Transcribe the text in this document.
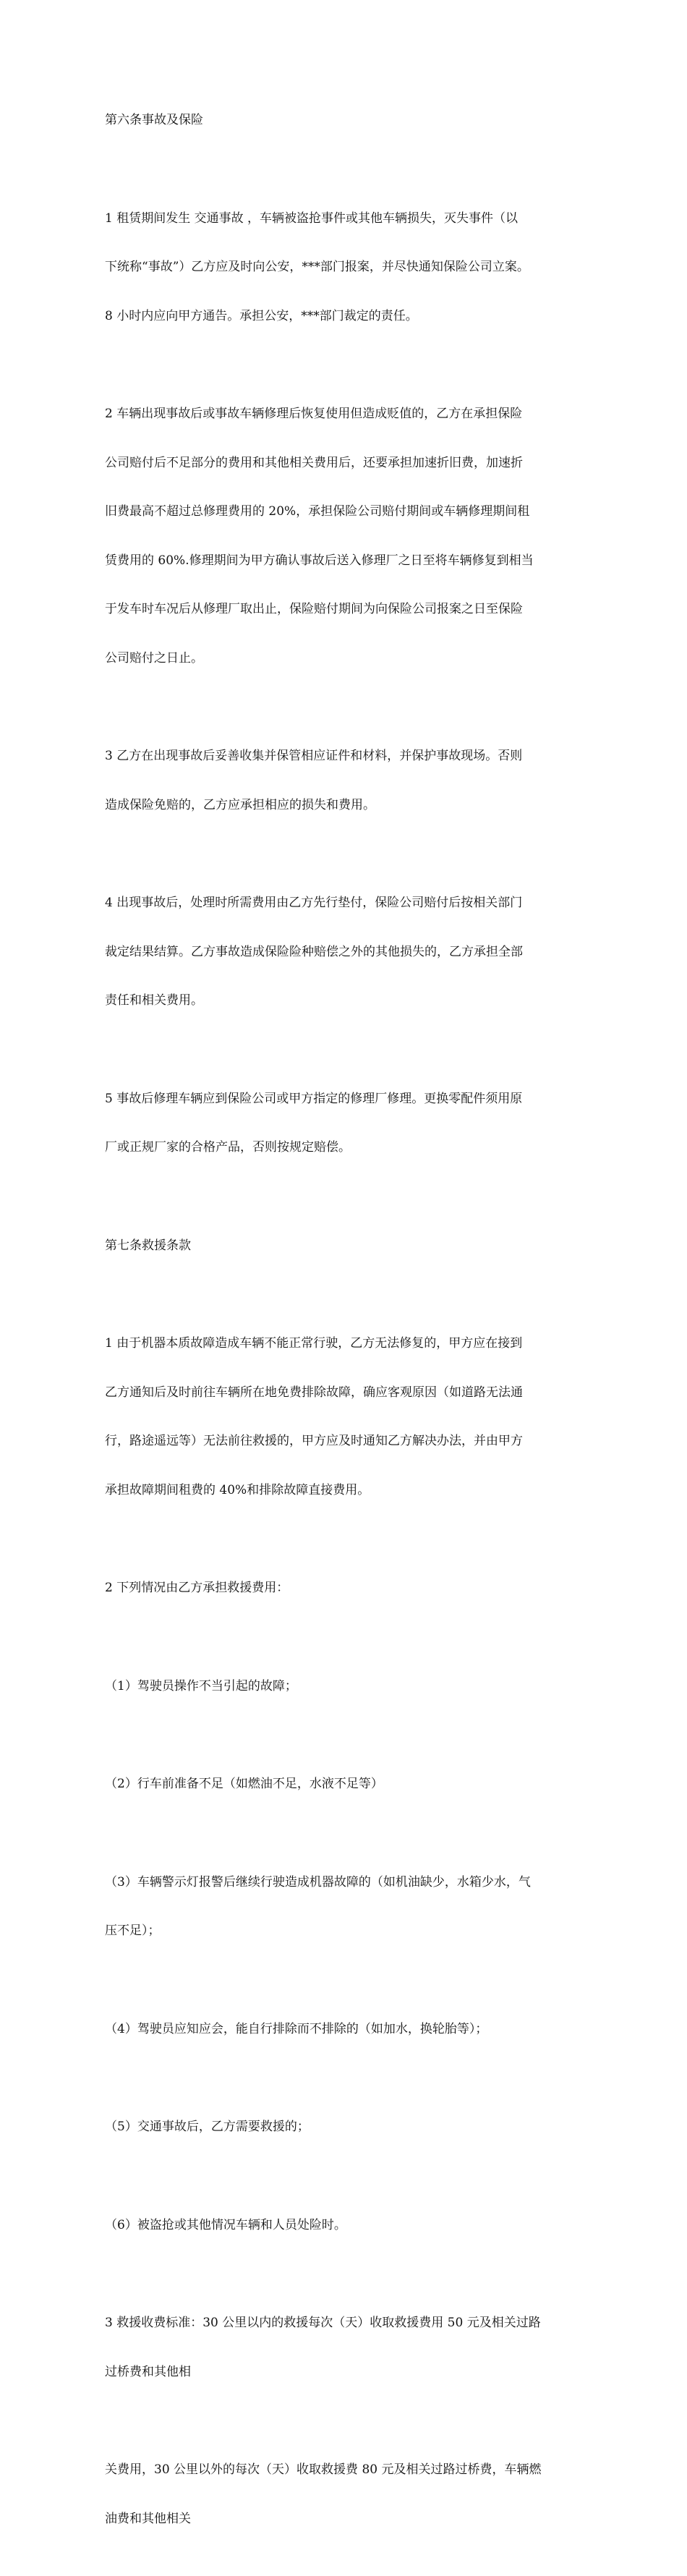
第六条事故及保险

1 租赁期间发生 交通事故 ，车辆被盗抢事件或其他车辆损失，灭失事件（以

下统称“事故”）乙方应及时向公安，***部门报案，并尽快通知保险公司立案。

8 小时内应向甲方通告。承担公安，***部门裁定的责任。

2 车辆出现事故后或事故车辆修理后恢复使用但造成贬值的，乙方在承担保险

公司赔付后不足部分的费用和其他相关费用后，还要承担加速折旧费，加速折

旧费最高不超过总修理费用的 20%，承担保险公司赔付期间或车辆修理期间租

赁费用的 60%.修理期间为甲方确认事故后送入修理厂之日至将车辆修复到相当

于发车时车况后从修理厂取出止，保险赔付期间为向保险公司报案之日至保险

公司赔付之日止。

3 乙方在出现事故后妥善收集并保管相应证件和材料，并保护事故现场。否则

造成保险免赔的，乙方应承担相应的损失和费用。

4 出现事故后，处理时所需费用由乙方先行垫付，保险公司赔付后按相关部门

裁定结果结算。乙方事故造成保险险种赔偿之外的其他损失的，乙方承担全部

责任和相关费用。

5 事故后修理车辆应到保险公司或甲方指定的修理厂修理。更换零配件须用原

厂或正规厂家的合格产品，否则按规定赔偿。

第七条救援条款

1 由于机器本质故障造成车辆不能正常行驶，乙方无法修复的，甲方应在接到

乙方通知后及时前往车辆所在地免费排除故障，确应客观原因（如道路无法通

行，路途遥远等）无法前往救援的，甲方应及时通知乙方解决办法，并由甲方

承担故障期间租费的 40%和排除故障直接费用。

2 下列情况由乙方承担救援费用：

（1）驾驶员操作不当引起的故障；

（2）行车前准备不足（如燃油不足，水液不足等）

（3）车辆警示灯报警后继续行驶造成机器故障的（如机油缺少，水箱少水，气

压不足）；

（4）驾驶员应知应会，能自行排除而不排除的（如加水，换轮胎等）；

（5）交通事故后，乙方需要救援的；

（6）被盗抢或其他情况车辆和人员处险时。

3 救援收费标准：30 公里以内的救援每次（天）收取救援费用 50 元及相关过路

过桥费和其他相

关费用，30 公里以外的每次（天）收取救援费 80 元及相关过路过桥费，车辆燃

油费和其他相关
